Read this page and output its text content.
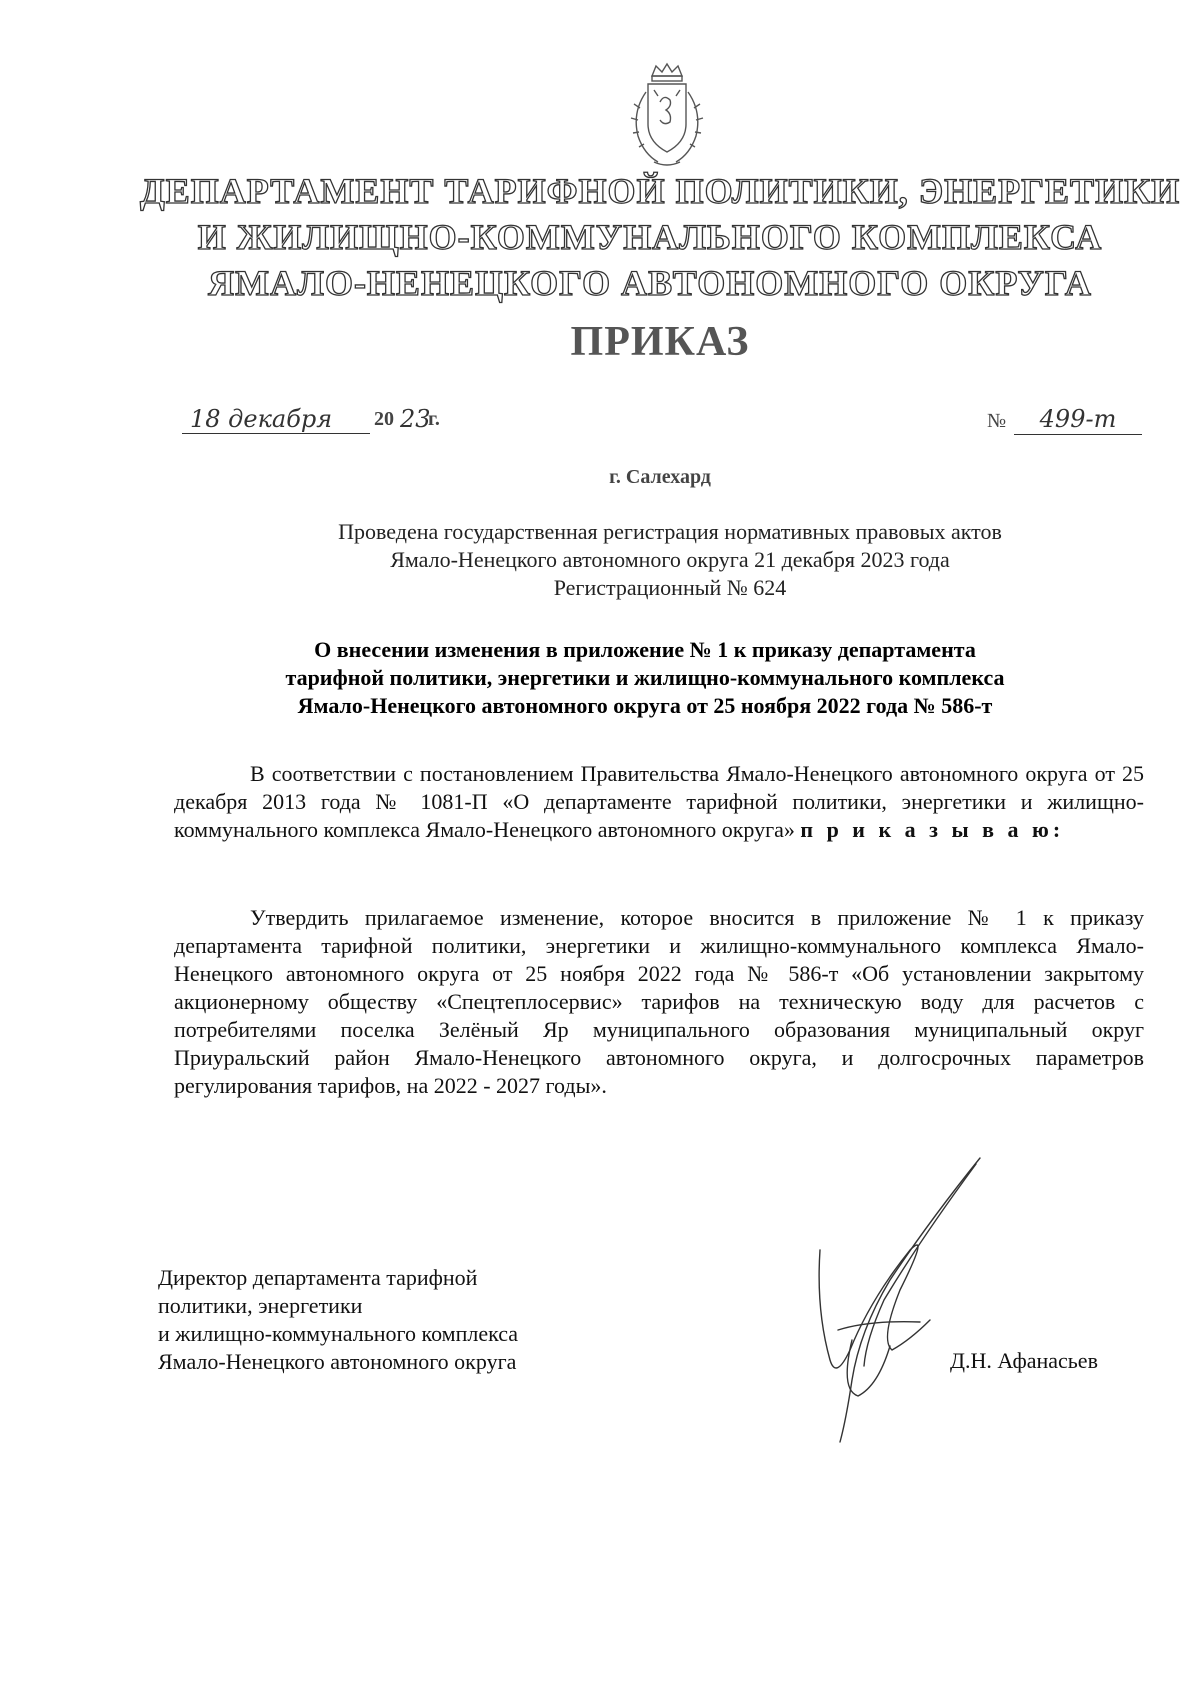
ДЕПАРТАМЕНТ ТАРИФНОЙ ПОЛИТИКИ, ЭНЕРГЕТИКИ
И ЖИЛИЩНО-КОММУНАЛЬНОГО КОМПЛЕКСА
ЯМАЛО-НЕНЕЦКОГО АВТОНОМНОГО ОКРУГА
ПРИКАЗ
18 декабря	20 23
г.	№	499-т
г. Салехард
Проведена государственная регистрация нормативных правовых актов
Ямало-Ненецкого автономного округа 21 декабря 2023 года
Регистрационный № 624
О внесении изменения в приложение № 1 к приказу департамента
тарифной политики, энергетики и жилищно-коммунального комплекса
Ямало-Ненецкого автономного округа от 25 ноября 2022 года № 586-т
В соответствии с постановлением Правительства Ямало-Ненецкого автономного округа от 25 декабря 2013 года № 1081-П «О департаменте тарифной политики, энергетики и жилищно-коммунального комплекса Ямало-Ненецкого автономного округа» п р и к а з ы в а ю:
Утвердить прилагаемое изменение, которое вносится в приложение № 1 к приказу департамента тарифной политики, энергетики и жилищно-коммунального комплекса Ямало-Ненецкого автономного округа от 25 ноября 2022 года № 586-т «Об установлении закрытому акционерному обществу «Спецтеплосервис» тарифов на техническую воду для расчетов с потребителями поселка Зелёный Яр муниципального образования муниципальный округ Приуральский район Ямало-Ненецкого автономного округа, и долгосрочных параметров регулирования тарифов, на 2022 - 2027 годы».
Директор департамента тарифной
политики, энергетики
и жилищно-коммунального комплекса
Ямало-Ненецкого автономного округа	Д.Н. Афанасьев
